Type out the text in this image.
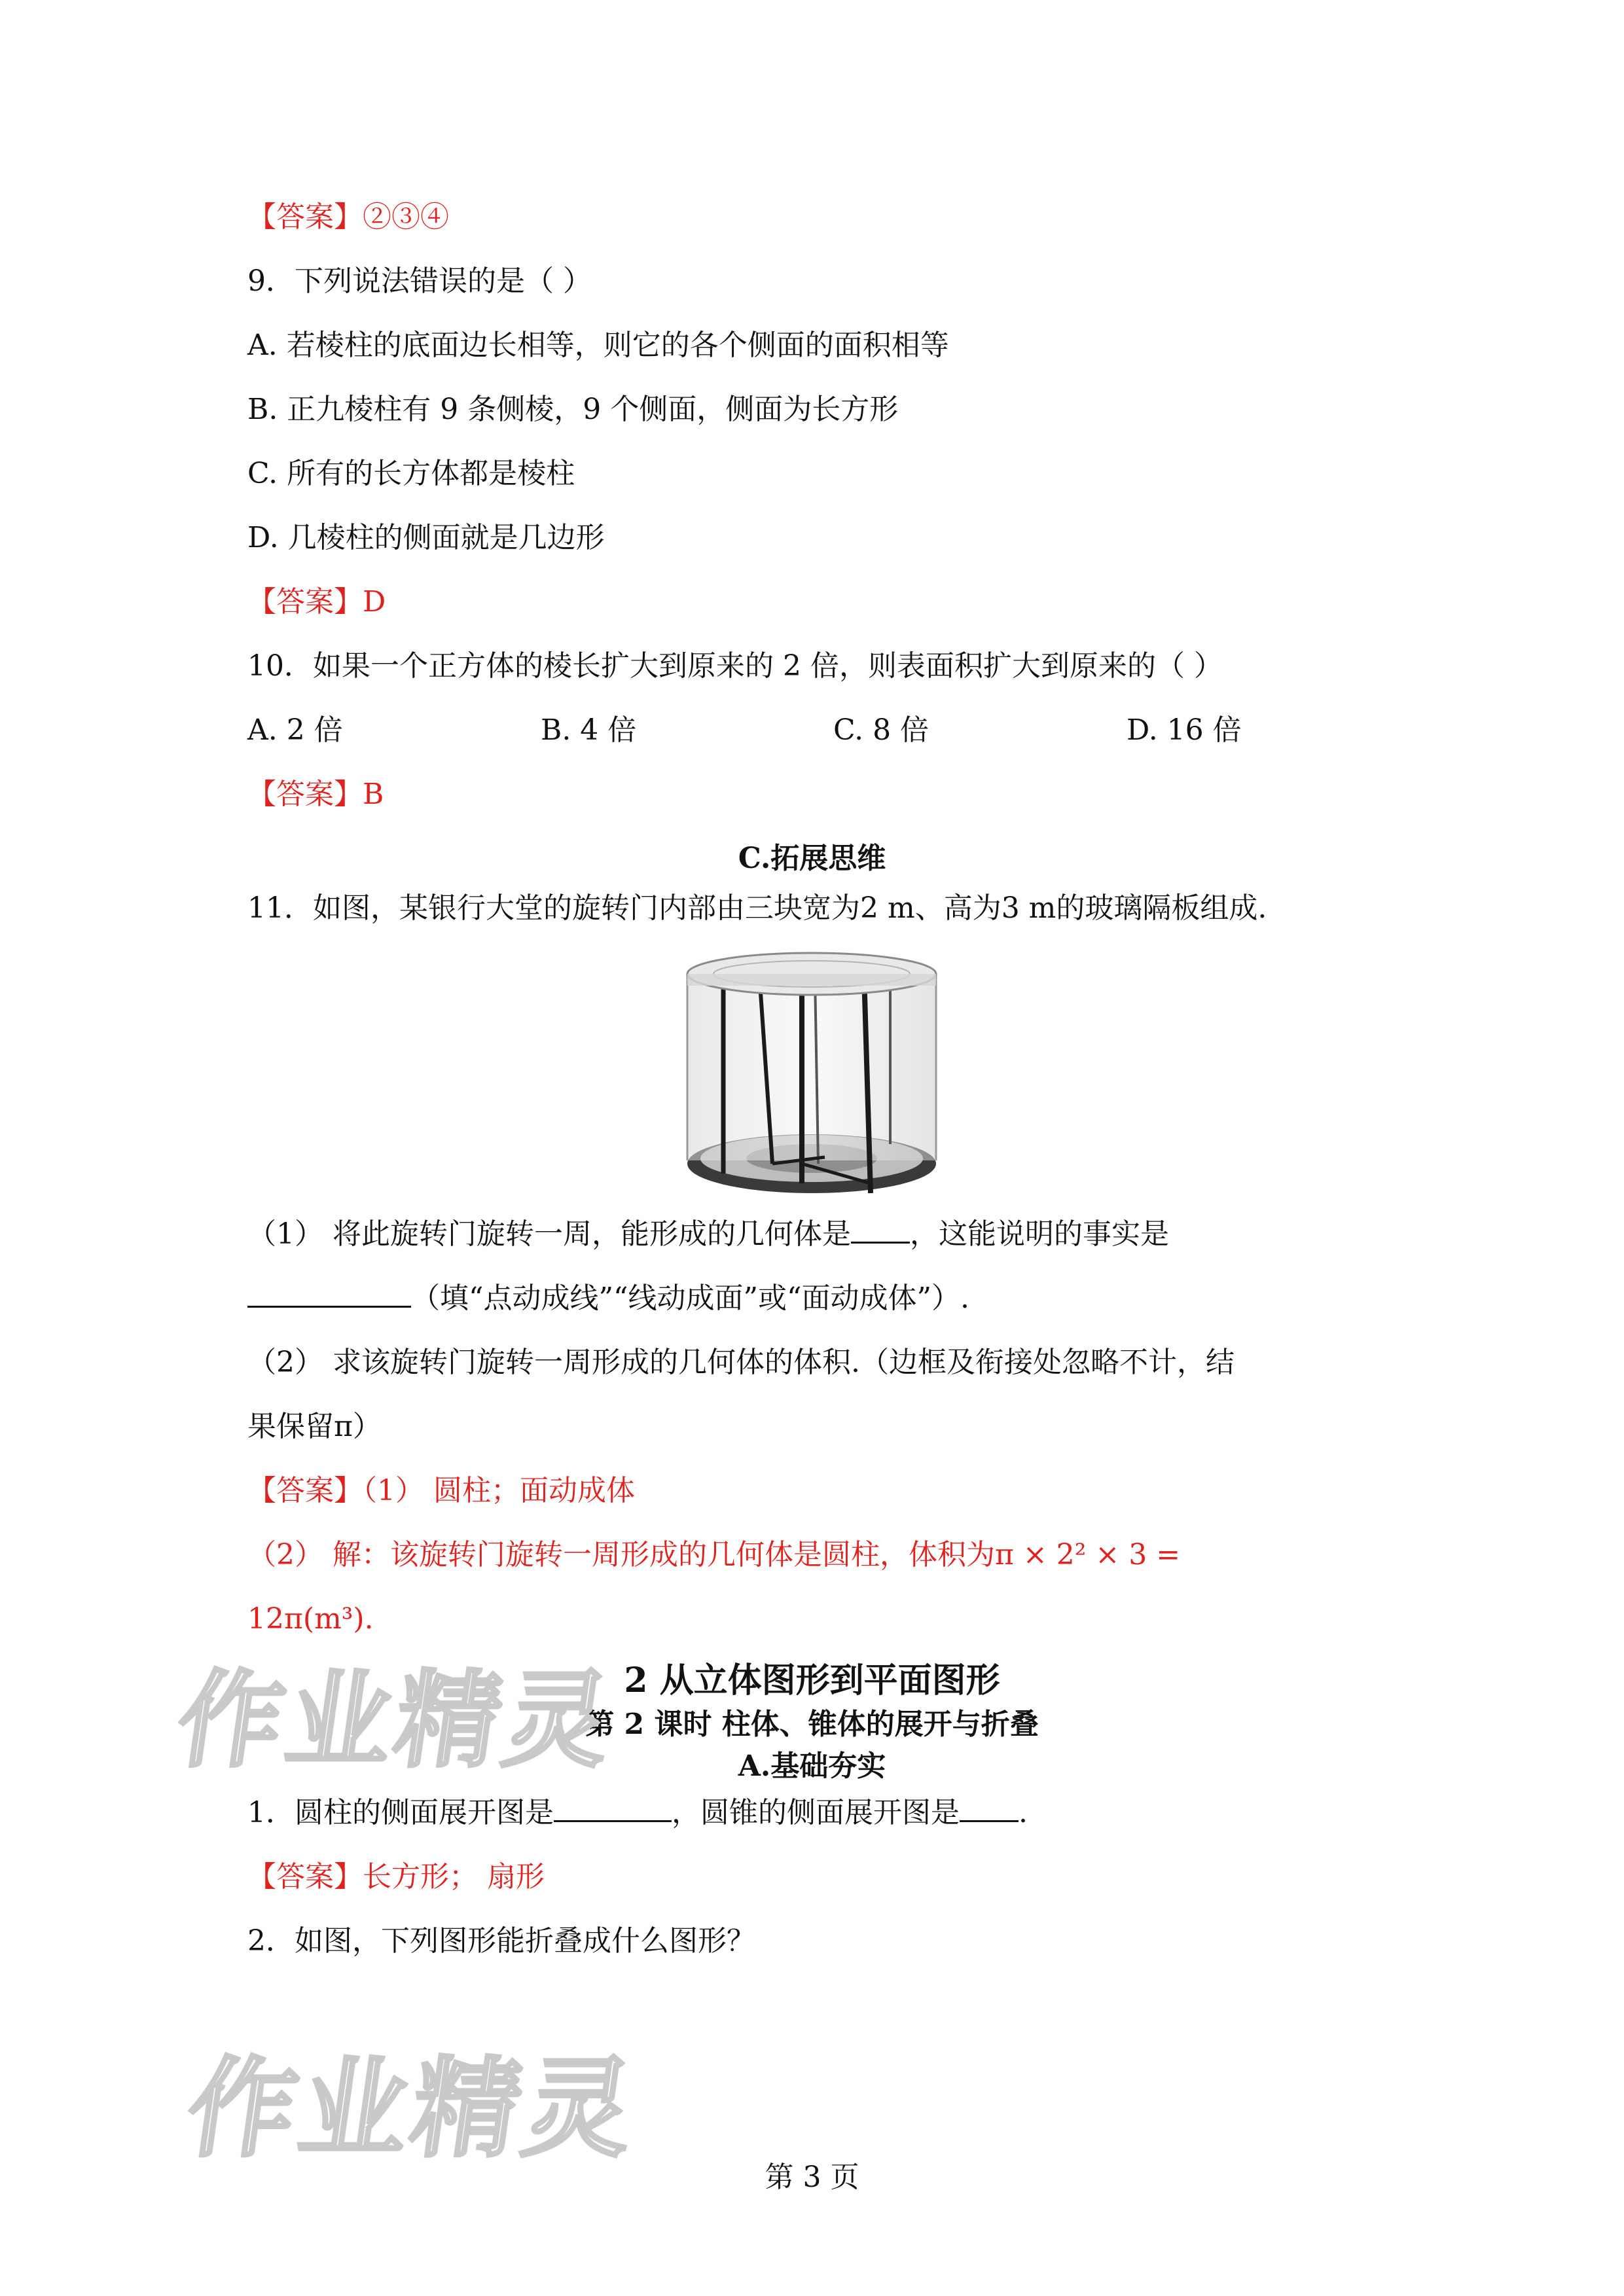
【答案】②③④
9．下列说法错误的是（ ）
A. 若棱柱的底面边长相等，则它的各个侧面的面积相等
B. 正九棱柱有 9 条侧棱，9 个侧面，侧面为长方形
C. 所有的长方体都是棱柱
D. 几棱柱的侧面就是几边形
【答案】D
10．如果一个正方体的棱长扩大到原来的 2 倍，则表面积扩大到原来的（ ）
A. 2 倍	B. 4 倍	C. 8 倍	D. 16 倍
【答案】B
C.拓展思维
11．如图，某银行大堂的旋转门内部由三块宽为2 m、高为3 m的玻璃隔板组成.
（1） 将此旋转门旋转一周，能形成的几何体是 ，这能说明的事实是
（填“点动成线”“线动成面”或“面动成体”）.
（2） 求该旋转门旋转一周形成的几何体的体积.（边框及衔接处忽略不计，结
果保留π）
【答案】（1） 圆柱；面动成体
（2） 解：该旋转门旋转一周形成的几何体是圆柱，体积为π × 2² × 3 =
12π(m³).
2 从立体图形到平面图形
第 2 课时 柱体、锥体的展开与折叠
A.基础夯实
1．圆柱的侧面展开图是	，圆锥的侧面展开图是 .
【答案】长方形； 扇形
2．如图，下列图形能折叠成什么图形？
作业精灵
作业精灵
第 3 页
